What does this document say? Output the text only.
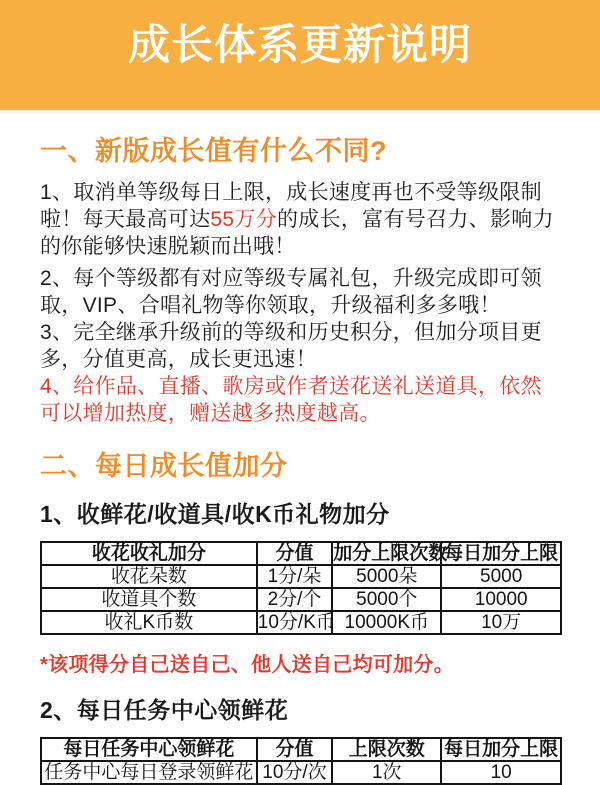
成长体系更新说明
一、新版成长值有什么不同?

1、取消单等级每日上限，成长速度再也不受等级限制啦！每天最高可达55万分的成长，富有号召力、影响力的你能够快速脱颖而出哦！

2、每个等级都有对应等级专属礼包，升级完成即可领取，VIP、合唱礼物等你领取，升级福利多多哦！

3、完全继承升级前的等级和历史积分，但加分项目更多，分值更高，成长更迅速！

4、给作品、直播、歌房或作者送花送礼送道具，依然可以增加热度，赠送越多热度越高。

二、每日成长值加分
1、收鲜花/收道具/收K币礼物加分
收花收礼加分	分值	加分上限次数	每日加分上限
收花朵数	1分/朵	5000朵	5000
收道具个数	2分/个	5000个	10000
收礼K币数	10分/K币	10000K币	10万

*该项得分自己送自己、他人送自己均可加分。

2、每日任务中心领鲜花
每日任务中心领鲜花	分值	上限次数	每日加分上限
任务中心每日登录领鲜花	10分/次	1次	10
